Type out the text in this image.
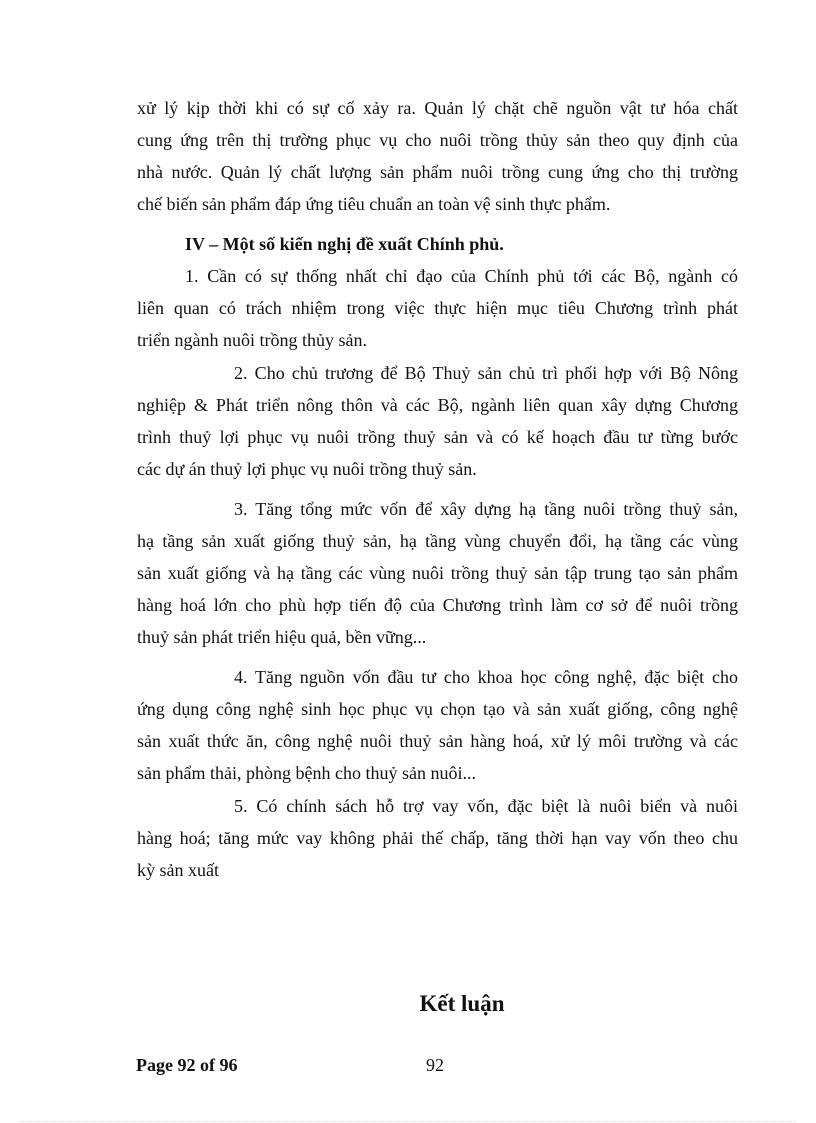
xử lý kịp thời khi có sự cố xảy ra. Quản lý chặt chẽ nguồn vật tư hóa chất
cung ứng trên thị trường phục vụ cho nuôi trồng thủy sản theo quy định của
nhà nước. Quản lý chất lượng sản phẩm nuôi trồng cung ứng cho thị trường
chế biến sản phẩm đáp ứng tiêu chuẩn an toàn vệ sinh thực phẩm.
IV – Một số kiến nghị đề xuất Chính phủ.
1. Cần có sự thống nhất chỉ đạo của Chính phủ tới các Bộ, ngành có
liên quan có trách nhiệm trong việc thực hiện mục tiêu Chương trình phát
triển ngành nuôi trồng thủy sản.
2. Cho chủ trương để Bộ Thuỷ sản chủ trì phối hợp với Bộ Nông
nghiệp & Phát triển nông thôn và các Bộ, ngành liên quan xây dựng Chương
trình thuỷ lợi phục vụ nuôi trồng thuỷ sản và có kế hoạch đầu tư từng bước
các dự án thuỷ lợi phục vụ nuôi trồng thuỷ sản.
3. Tăng tổng mức vốn để xây dựng hạ tầng nuôi trồng thuỷ sản,
hạ tầng sản xuất giống thuỷ sản, hạ tầng vùng chuyển đổi, hạ tầng các vùng
sản xuất giống và hạ tầng các vùng nuôi trồng thuỷ sản tập trung tạo sản phẩm
hàng hoá lớn cho phù hợp tiến độ của Chương trình làm cơ sở để nuôi trồng
thuỷ sản phát triển hiệu quả, bền vững...
4. Tăng nguồn vốn đầu tư cho khoa học công nghệ, đặc biệt cho
ứng dụng công nghệ sinh học phục vụ chọn tạo và sản xuất giống, công nghệ
sản xuất thức ăn, công nghệ nuôi thuỷ sản hàng hoá, xử lý môi trường và các
sản phẩm thải, phòng bệnh cho thuỷ sản nuôi...
5. Có chính sách hỗ trợ vay vốn, đặc biệt là nuôi biển và nuôi
hàng hoá; tăng mức vay không phải thế chấp, tăng thời hạn vay vốn theo chu
kỳ sản xuất
Kết luận
Page 92 of 96	92
